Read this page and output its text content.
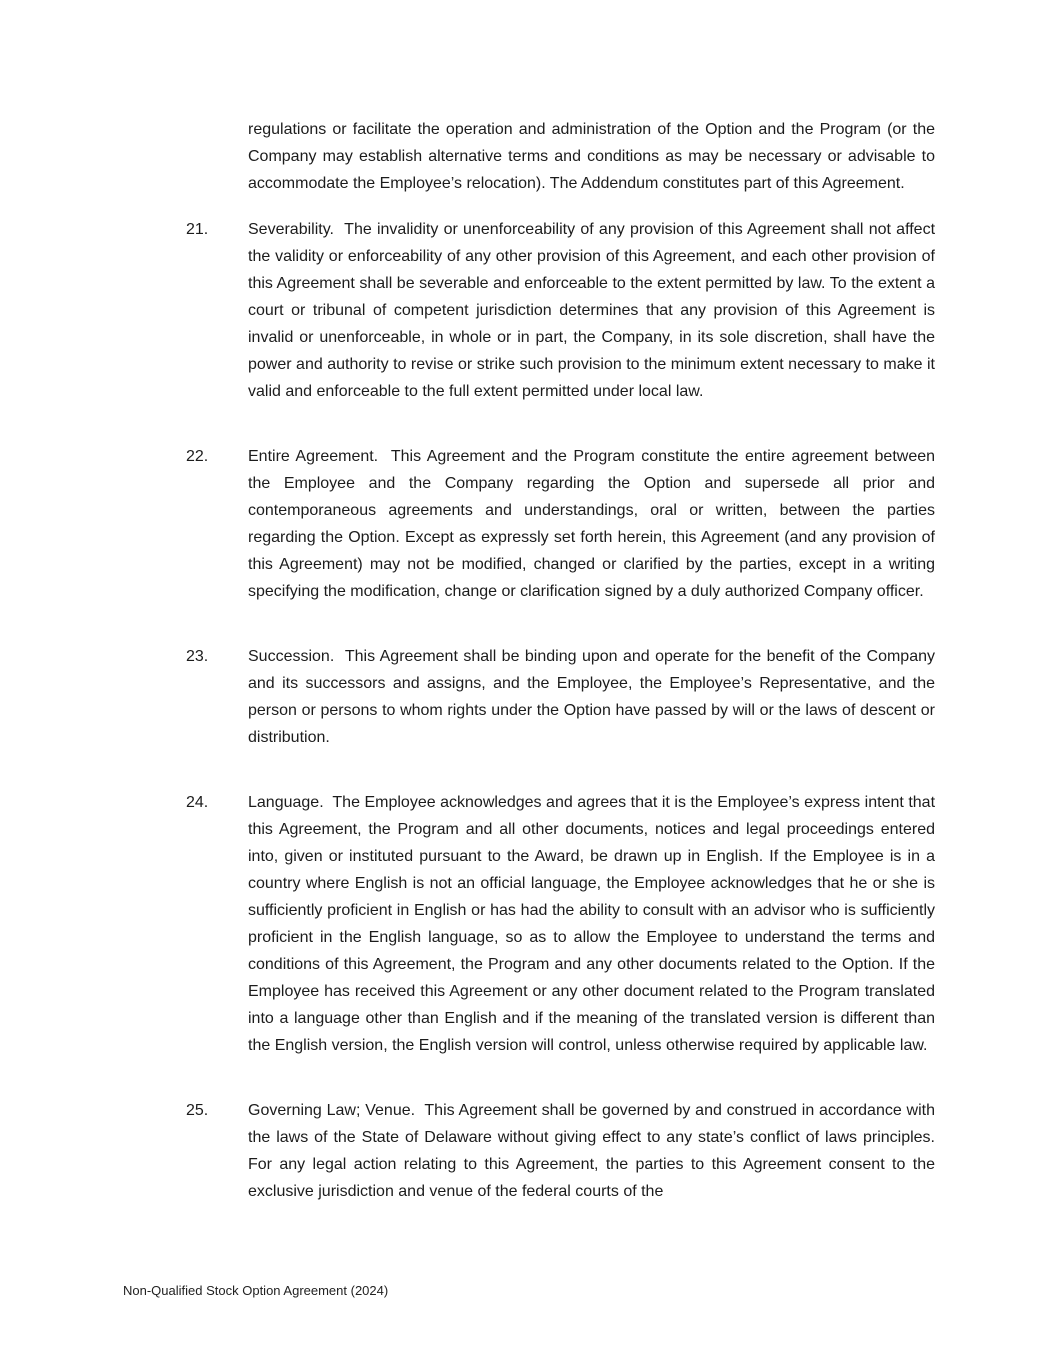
regulations or facilitate the operation and administration of the Option and the Program (or the Company may establish alternative terms and conditions as may be necessary or advisable to accommodate the Employee’s relocation). The Addendum constitutes part of this Agreement.

21.	Severability. The invalidity or unenforceability of any provision of this Agreement shall not affect the validity or enforceability of any other provision of this Agreement, and each other provision of this Agreement shall be severable and enforceable to the extent permitted by law. To the extent a court or tribunal of competent jurisdiction determines that any provision of this Agreement is invalid or unenforceable, in whole or in part, the Company, in its sole discretion, shall have the power and authority to revise or strike such provision to the minimum extent necessary to make it valid and enforceable to the full extent permitted under local law.

22.	Entire Agreement. This Agreement and the Program constitute the entire agreement between the Employee and the Company regarding the Option and supersede all prior and contemporaneous agreements and understandings, oral or written, between the parties regarding the Option. Except as expressly set forth herein, this Agreement (and any provision of this Agreement) may not be modified, changed or clarified by the parties, except in a writing specifying the modification, change or clarification signed by a duly authorized Company officer.

23.	Succession. This Agreement shall be binding upon and operate for the benefit of the Company and its successors and assigns, and the Employee, the Employee’s Representative, and the person or persons to whom rights under the Option have passed by will or the laws of descent or distribution.

24.	Language. The Employee acknowledges and agrees that it is the Employee’s express intent that this Agreement, the Program and all other documents, notices and legal proceedings entered into, given or instituted pursuant to the Award, be drawn up in English. If the Employee is in a country where English is not an official language, the Employee acknowledges that he or she is sufficiently proficient in English or has had the ability to consult with an advisor who is sufficiently proficient in the English language, so as to allow the Employee to understand the terms and conditions of this Agreement, the Program and any other documents related to the Option. If the Employee has received this Agreement or any other document related to the Program translated into a language other than English and if the meaning of the translated version is different than the English version, the English version will control, unless otherwise required by applicable law.

25.	Governing Law; Venue. This Agreement shall be governed by and construed in accordance with the laws of the State of Delaware without giving effect to any state’s conflict of laws principles. For any legal action relating to this Agreement, the parties to this Agreement consent to the exclusive jurisdiction and venue of the federal courts of the

Non-Qualified Stock Option Agreement (2024)
